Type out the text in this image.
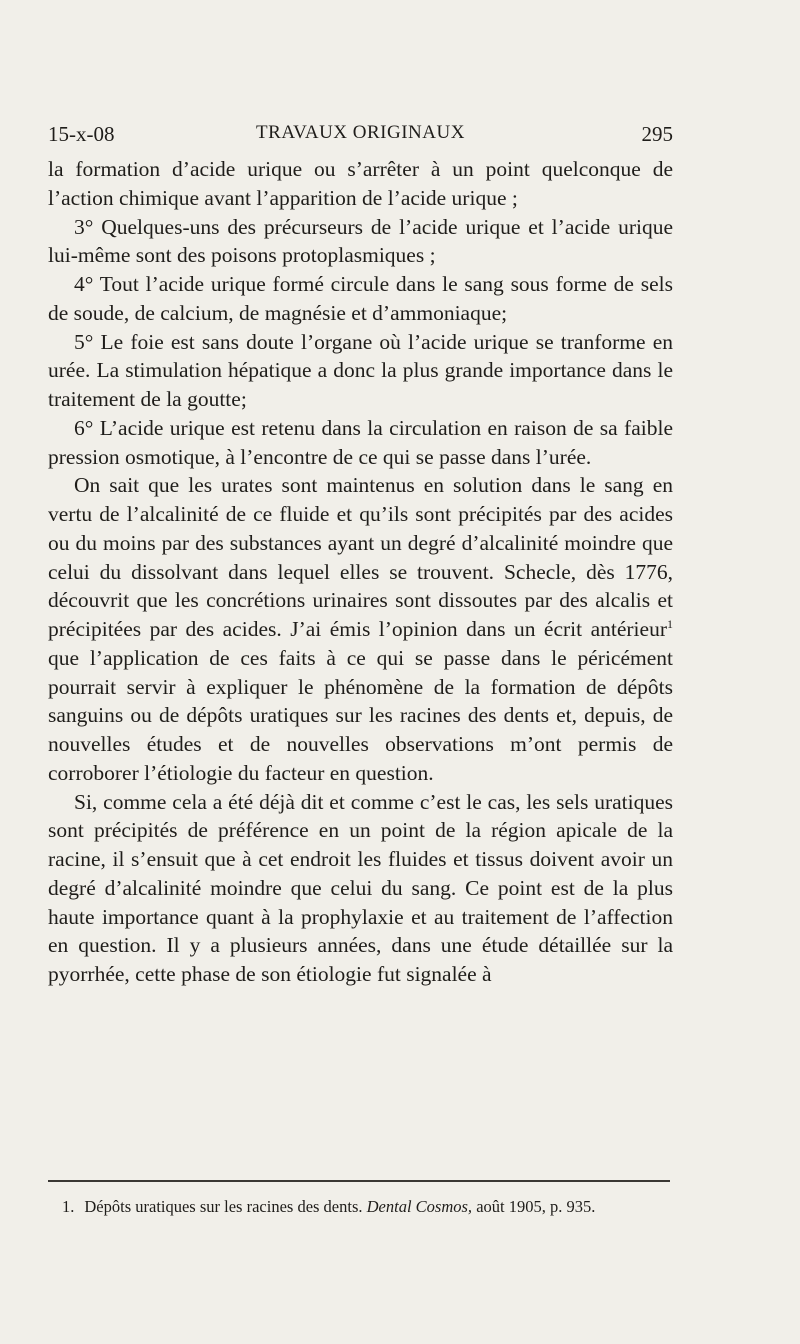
15-x-08	TRAVAUX ORIGINAUX	295

la formation d’acide urique ou s’arrêter à un point quelconque de l’action chimique avant l’apparition de l’acide urique ;

3° Quelques-uns des précurseurs de l’acide urique et l’acide urique lui-même sont des poisons protoplasmiques ;

4° Tout l’acide urique formé circule dans le sang sous forme de sels de soude, de calcium, de magnésie et d’ammoniaque;

5° Le foie est sans doute l’organe où l’acide urique se tranforme en urée. La stimulation hépatique a donc la plus grande importance dans le traitement de la goutte;

6° L’acide urique est retenu dans la circulation en raison de sa faible pression osmotique, à l’encontre de ce qui se passe dans l’urée.

On sait que les urates sont maintenus en solution dans le sang en vertu de l’alcalinité de ce fluide et qu’ils sont précipités par des acides ou du moins par des substances ayant un degré d’alcalinité moindre que celui du dissolvant dans lequel elles se trouvent. Schecle, dès 1776, découvrit que les concrétions urinaires sont dissoutes par des alcalis et précipitées par des acides. J’ai émis l’opinion dans un écrit antérieur$^1$ que l’application de ces faits à ce qui se passe dans le péricément pourrait servir à expliquer le phénomène de la formation de dépôts sanguins ou de dépôts uratiques sur les racines des dents et, depuis, de nouvelles études et de nouvelles observations m’ont permis de corroborer l’étiologie du facteur en question.

Si, comme cela a été déjà dit et comme c’est le cas, les sels uratiques sont précipités de préférence en un point de la région apicale de la racine, il s’ensuit que à cet endroit les fluides et tissus doivent avoir un degré d’alcalinité moindre que celui du sang. Ce point est de la plus haute importance quant à la prophylaxie et au traitement de l’affection en question. Il y a plusieurs années, dans une étude détaillée sur la pyorrhée, cette phase de son étiologie fut signalée à

1. Dépôts uratiques sur les racines des dents. Dental Cosmos, août 1905, p. 935.
